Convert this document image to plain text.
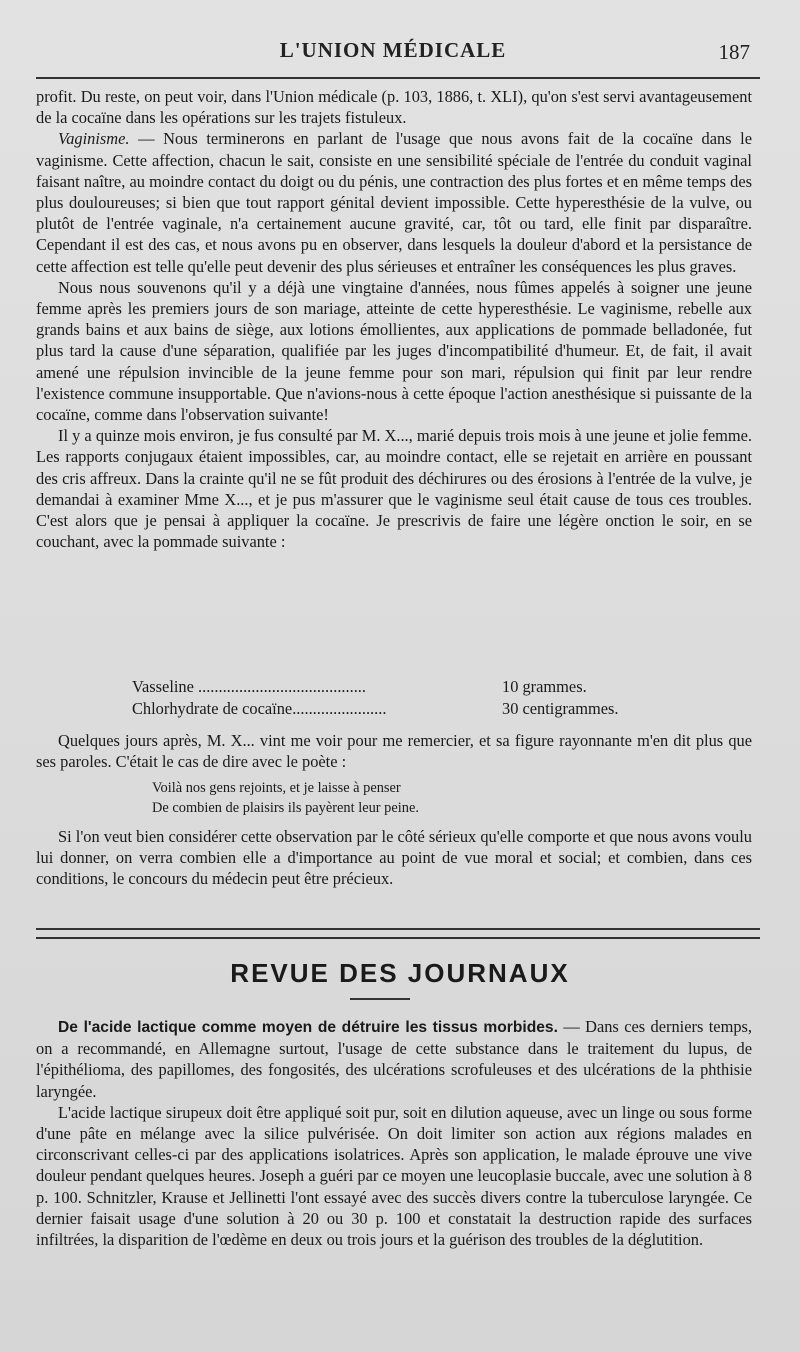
L'UNION MÉDICALE	187

profit. Du reste, on peut voir, dans l'Union médicale (p. 103, 1886, t. XLI), qu'on s'est servi avantageusement de la cocaïne dans les opérations sur les trajets fistuleux.

Vaginisme. — Nous terminerons en parlant de l'usage que nous avons fait de la cocaïne dans le vaginisme. Cette affection, chacun le sait, consiste en une sensibilité spéciale de l'entrée du conduit vaginal faisant naître, au moindre contact du doigt ou du pénis, une contraction des plus fortes et en même temps des plus douloureuses; si bien que tout rapport génital devient impossible. Cette hyperesthésie de la vulve, ou plutôt de l'entrée vaginale, n'a certainement aucune gravité, car, tôt ou tard, elle finit par disparaître. Cependant il est des cas, et nous avons pu en observer, dans lesquels la douleur d'abord et la persistance de cette affection est telle qu'elle peut devenir des plus sérieuses et entraîner les conséquences les plus graves.

Nous nous souvenons qu'il y a déjà une vingtaine d'années, nous fûmes appelés à soigner une jeune femme après les premiers jours de son mariage, atteinte de cette hyperesthésie. Le vaginisme, rebelle aux grands bains et aux bains de siège, aux lotions émollientes, aux applications de pommade belladonée, fut plus tard la cause d'une séparation, qualifiée par les juges d'incompatibilité d'humeur. Et, de fait, il avait amené une répulsion invincible de la jeune femme pour son mari, répulsion qui finit par leur rendre l'existence commune insupportable. Que n'avions-nous à cette époque l'action anesthésique si puissante de la cocaïne, comme dans l'observation suivante!

Il y a quinze mois environ, je fus consulté par M. X..., marié depuis trois mois à une jeune et jolie femme. Les rapports conjugaux étaient impossibles, car, au moindre contact, elle se rejetait en arrière en poussant des cris affreux. Dans la crainte qu'il ne se fût produit des déchirures ou des érosions à l'entrée de la vulve, je demandai à examiner Mme X..., et je pus m'assurer que le vaginisme seul était cause de tous ces troubles. C'est alors que je pensai à appliquer la cocaïne. Je prescrivis de faire une légère onction le soir, en se couchant, avec la pommade suivante :

Vasseline .........................................	10 grammes.
Chlorhydrate de cocaïne.......................	30 centigrammes.

Quelques jours après, M. X... vint me voir pour me remercier, et sa figure rayonnante m'en dit plus que ses paroles. C'était le cas de dire avec le poète :

Voilà nos gens rejoints, et je laisse à penser
De combien de plaisirs ils payèrent leur peine.

Si l'on veut bien considérer cette observation par le côté sérieux qu'elle comporte et que nous avons voulu lui donner, on verra combien elle a d'importance au point de vue moral et social; et combien, dans ces conditions, le concours du médecin peut être précieux.

REVUE DES JOURNAUX

De l'acide lactique comme moyen de détruire les tissus morbides. — Dans ces derniers temps, on a recommandé, en Allemagne surtout, l'usage de cette substance dans le traitement du lupus, de l'épithélioma, des papillomes, des fongosités, des ulcérations scrofuleuses et des ulcérations de la phthisie laryngée.

L'acide lactique sirupeux doit être appliqué soit pur, soit en dilution aqueuse, avec un linge ou sous forme d'une pâte en mélange avec la silice pulvérisée. On doit limiter son action aux régions malades en circonscrivant celles-ci par des applications isolatrices. Après son application, le malade éprouve une vive douleur pendant quelques heures. Joseph a guéri par ce moyen une leucoplasie buccale, avec une solution à 8 p. 100. Schnitzler, Krause et Jellinetti l'ont essayé avec des succès divers contre la tuberculose laryngée. Ce dernier faisait usage d'une solution à 20 ou 30 p. 100 et constatait la destruction rapide des surfaces infiltrées, la disparition de l'œdème en deux ou trois jours et la guérison des troubles de la déglutition.
